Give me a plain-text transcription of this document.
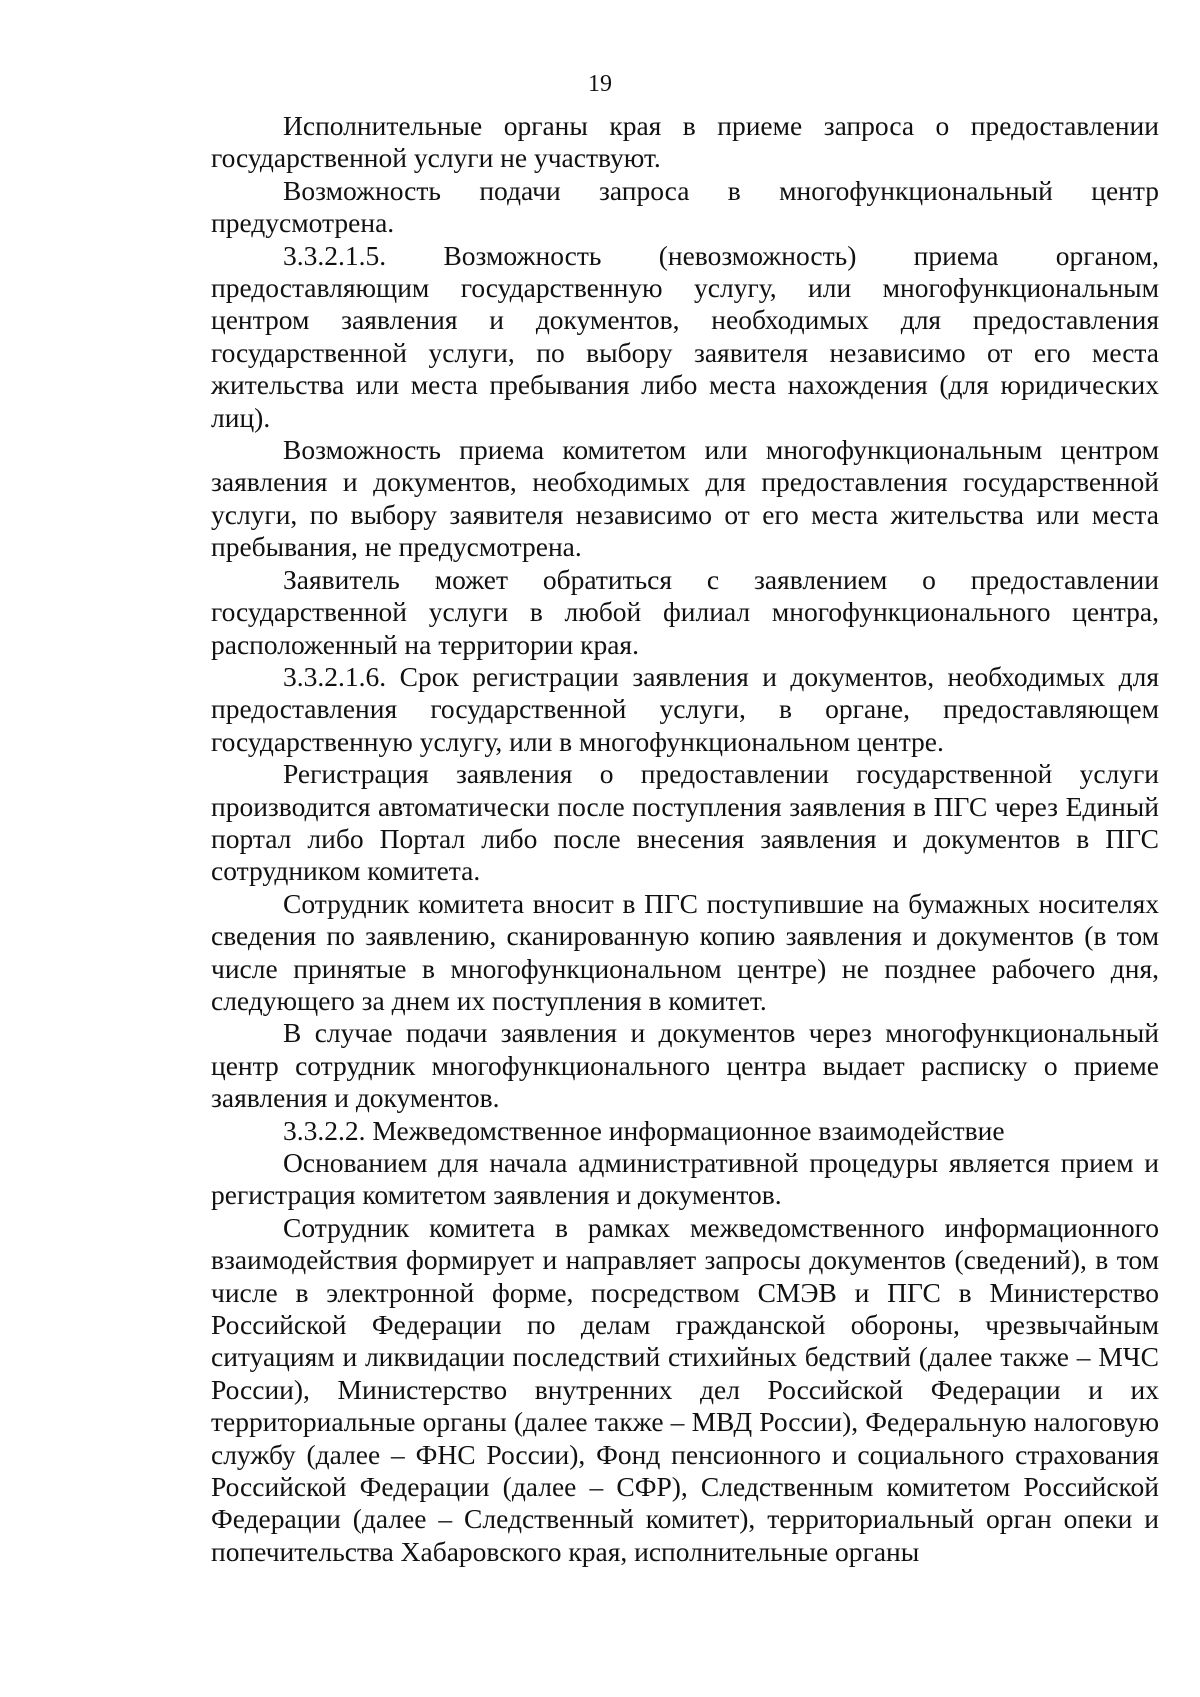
19

Исполнительные органы края в приеме запроса о предоставлении государственной услуги не участвуют.

Возможность подачи запроса в многофункциональный центр предусмотрена.

3.3.2.1.5. Возможность (невозможность) приема органом, предоставляющим государственную услугу, или многофункциональным центром заявления и документов, необходимых для предоставления государственной услуги, по выбору заявителя независимо от его места жительства или места пребывания либо места нахождения (для юридических лиц).

Возможность приема комитетом или многофункциональным центром заявления и документов, необходимых для предоставления государственной услуги, по выбору заявителя независимо от его места жительства или места пребывания, не предусмотрена.

Заявитель может обратиться с заявлением о предоставлении государственной услуги в любой филиал многофункционального центра, расположенный на территории края.

3.3.2.1.6. Срок регистрации заявления и документов, необходимых для предоставления государственной услуги, в органе, предоставляющем государственную услугу, или в многофункциональном центре.

Регистрация заявления о предоставлении государственной услуги производится автоматически после поступления заявления в ПГС через Единый портал либо Портал либо после внесения заявления и документов в ПГС сотрудником комитета.

Сотрудник комитета вносит в ПГС поступившие на бумажных носителях сведения по заявлению, сканированную копию заявления и документов (в том числе принятые в многофункциональном центре) не позднее рабочего дня, следующего за днем их поступления в комитет.

В случае подачи заявления и документов через многофункциональный центр сотрудник многофункционального центра выдает расписку о приеме заявления и документов.

3.3.2.2. Межведомственное информационное взаимодействие

Основанием для начала административной процедуры является прием и регистрация комитетом заявления и документов.

Сотрудник комитета в рамках межведомственного информационного взаимодействия формирует и направляет запросы документов (сведений), в том числе в электронной форме, посредством СМЭВ и ПГС в Министерство Российской Федерации по делам гражданской обороны, чрезвычайным ситуациям и ликвидации последствий стихийных бедствий (далее также – МЧС России), Министерство внутренних дел Российской Федерации и их территориальные органы (далее также – МВД России), Федеральную налоговую службу (далее – ФНС России), Фонд пенсионного и социального страхования Российской Федерации (далее – СФР), Следственным комитетом Российской Федерации (далее – Следственный комитет), территориальный орган опеки и попечительства Хабаровского края, исполнительные органы
